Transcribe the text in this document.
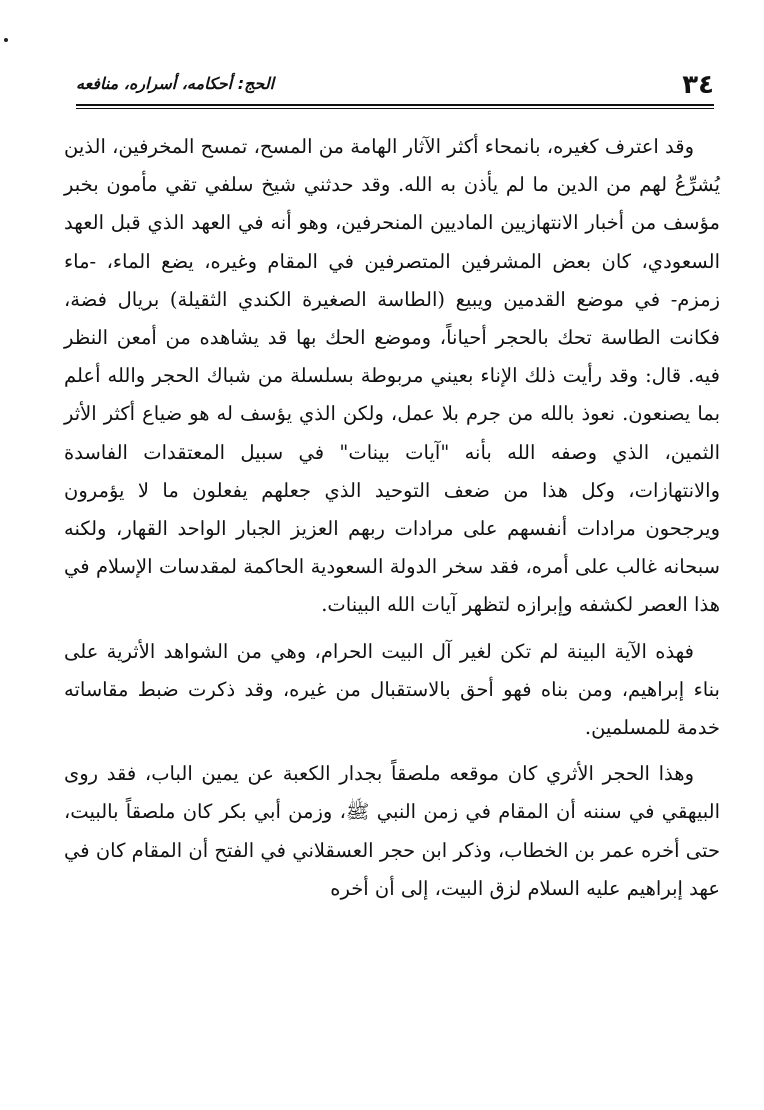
٣٤
الحج: أحكامه، أسراره، منافعه

وقد اعترف كغيره، بانمحاء أكثر الآثار الهامة من المسح، تمسح المخرفين، الذين يُشرِّعُ لهم من الدين ما لم يأذن به الله. وقد حدثني شيخ سلفي تقي مأمون بخبر مؤسف من أخبار الانتهازيين الماديين المنحرفين، وهو أنه في العهد الذي قبل العهد السعودي، كان بعض المشرفين المتصرفين في المقام وغيره، يضع الماء، -ماء زمزم- في موضع القدمين ويبيع (الطاسة الصغيرة الكندي الثقيلة) بريال فضة، فكانت الطاسة تحك بالحجر أحياناً، وموضع الحك بها قد يشاهده من أمعن النظر فيه. قال: وقد رأيت ذلك الإناء بعيني مربوطة بسلسلة من شباك الحجر والله أعلم بما يصنعون. نعوذ بالله من جرم بلا عمل، ولكن الذي يؤسف له هو ضياع أكثر الأثر الثمين، الذي وصفه الله بأنه "آيات بينات" في سبيل المعتقدات الفاسدة والانتهازات، وكل هذا من ضعف التوحيد الذي جعلهم يفعلون ما لا يؤمرون ويرجحون مرادات أنفسهم على مرادات ربهم العزيز الجبار الواحد القهار، ولكنه سبحانه غالب على أمره، فقد سخر الدولة السعودية الحاكمة لمقدسات الإسلام في هذا العصر لكشفه وإبرازه لتظهر آيات الله البينات.

فهذه الآية البينة لم تكن لغير آل البيت الحرام، وهي من الشواهد الأثرية على بناء إبراهيم، ومن بناه فهو أحق بالاستقبال من غيره، وقد ذكرت ضبط مقاساته خدمة للمسلمين.

وهذا الحجر الأثري كان موقعه ملصقاً بجدار الكعبة عن يمين الباب، فقد روى البيهقي في سننه أن المقام في زمن النبي ﷺ، وزمن أبي بكر كان ملصقاً بالبيت، حتى أخره عمر بن الخطاب، وذكر ابن حجر العسقلاني في الفتح أن المقام كان في عهد إبراهيم عليه السلام لزق البيت، إلى أن أخره
